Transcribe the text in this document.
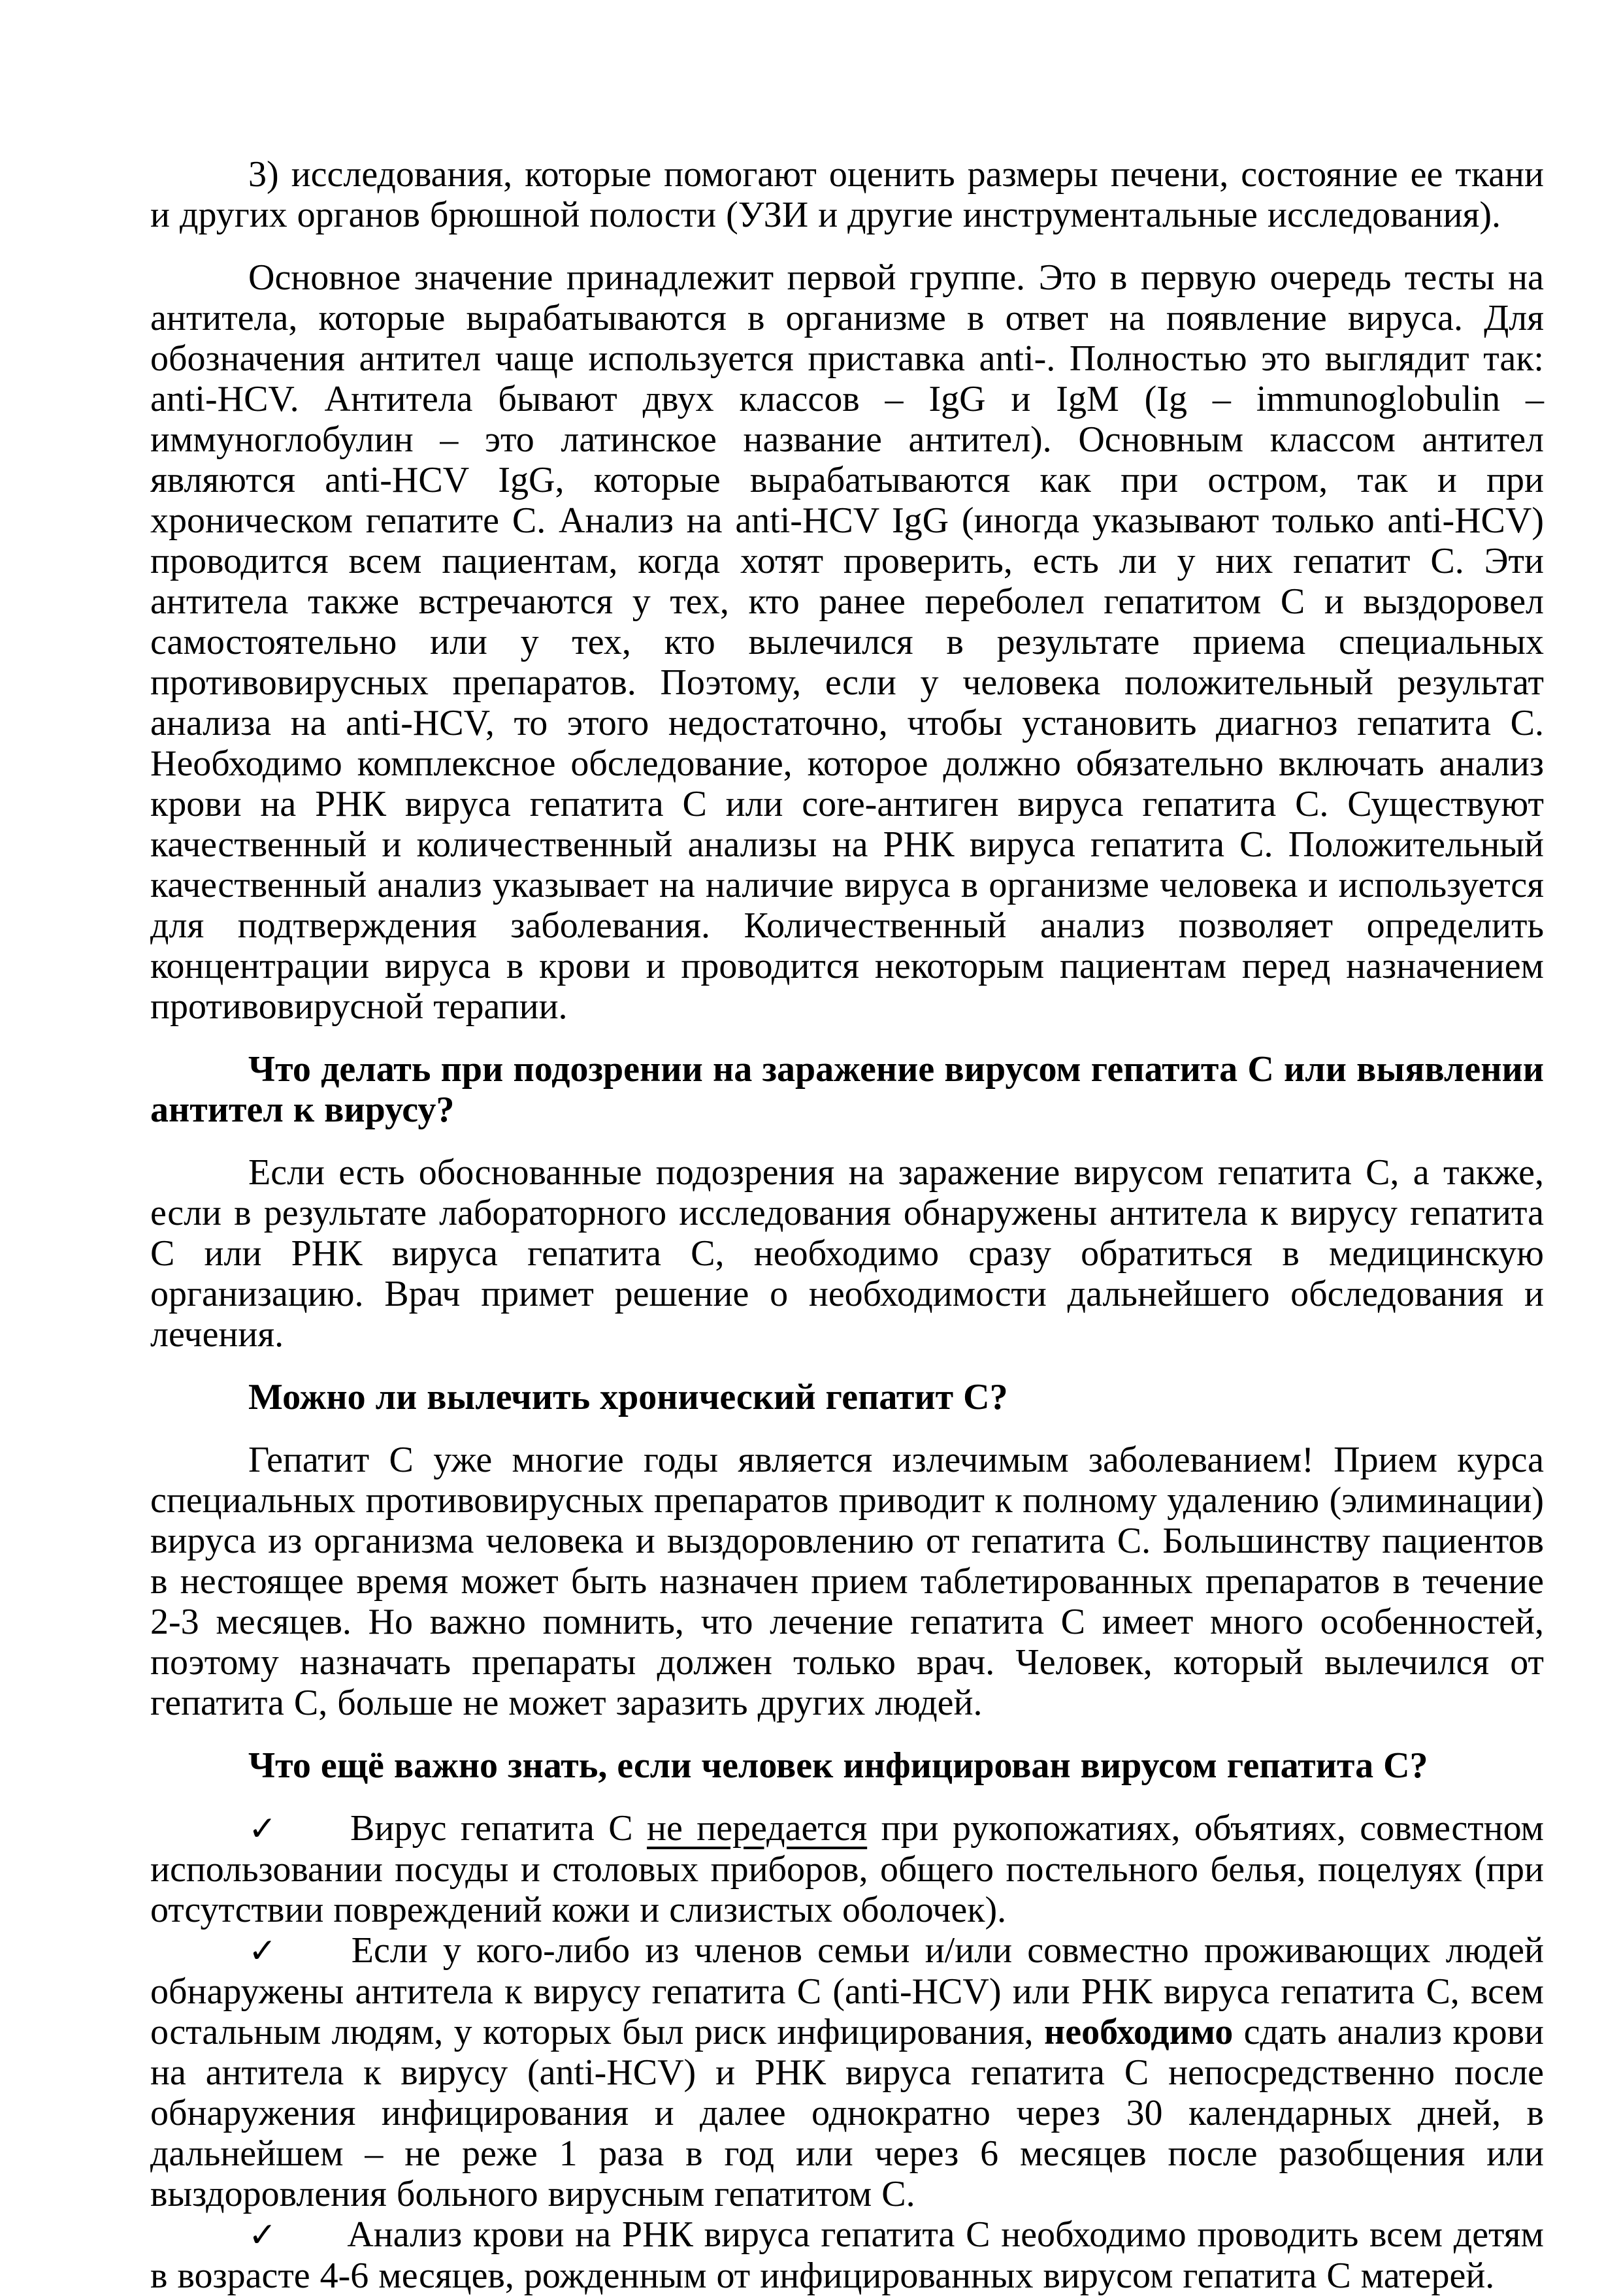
3) исследования, которые помогают оценить размеры печени, состояние ее ткани и других органов брюшной полости (УЗИ и другие инструментальные исследования).

Основное значение принадлежит первой группе. Это в первую очередь тесты на антитела, которые вырабатываются в организме в ответ на появление вируса. Для обозначения антител чаще используется приставка anti-. Полностью это выглядит так: anti-HCV. Антитела бывают двух классов – IgG и IgM (Ig – immunoglobulin – иммуноглобулин – это латинское название антител). Основным классом антител являются anti-HCV IgG, которые вырабатываются как при остром, так и при хроническом гепатите С. Анализ на anti-HCV IgG (иногда указывают только anti-HCV) проводится всем пациентам, когда хотят проверить, есть ли у них гепатит С. Эти антитела также встречаются у тех, кто ранее переболел гепатитом С и выздоровел самостоятельно или у тех, кто вылечился в результате приема специальных противовирусных препаратов. Поэтому, если у человека положительный результат анализа на anti-HCV, то этого недостаточно, чтобы установить диагноз гепатита С. Необходимо комплексное обследование, которое должно обязательно включать анализ крови на РНК вируса гепатита С или core-антиген вируса гепатита С. Существуют качественный и количественный анализы на РНК вируса гепатита С. Положительный качественный анализ указывает на наличие вируса в организме человека и используется для подтверждения заболевания. Количественный анализ позволяет определить концентрации вируса в крови и проводится некоторым пациентам перед назначением противовирусной терапии.

Что делать при подозрении на заражение вирусом гепатита С или выявлении антител к вирусу?

Если есть обоснованные подозрения на заражение вирусом гепатита С, а также, если в результате лабораторного исследования обнаружены антитела к вирусу гепатита С или РНК вируса гепатита С, необходимо сразу обратиться в медицинскую организацию. Врач примет решение о необходимости дальнейшего обследования и лечения.

Можно ли вылечить хронический гепатит С?

Гепатит С уже многие годы является излечимым заболеванием! Прием курса специальных противовирусных препаратов приводит к полному удалению (элиминации) вируса из организма человека и выздоровлению от гепатита С. Большинству пациентов в нестоящее время может быть назначен прием таблетированных препаратов в течение 2-3 месяцев. Но важно помнить, что лечение гепатита С имеет много особенностей, поэтому назначать препараты должен только врач. Человек, который вылечился от гепатита С, больше не может заразить других людей.

Что ещё важно знать, если человек инфицирован вирусом гепатита С?

✓ Вирус гепатита С не передается при рукопожатиях, объятиях, совместном использовании посуды и столовых приборов, общего постельного белья, поцелуях (при отсутствии повреждений кожи и слизистых оболочек).

✓ Если у кого-либо из членов семьи и/или совместно проживающих людей обнаружены антитела к вирусу гепатита С (anti-HCV) или РНК вируса гепатита С, всем остальным людям, у которых был риск инфицирования, необходимо сдать анализ крови на антитела к вирусу (anti-HCV) и РНК вируса гепатита С непосредственно после обнаружения инфицирования и далее однократно через 30 календарных дней, в дальнейшем – не реже 1 раза в год или через 6 месяцев после разобщения или выздоровления больного вирусным гепатитом С.

✓ Анализ крови на РНК вируса гепатита С необходимо проводить всем детям в возрасте 4-6 месяцев, рожденным от инфицированных вирусом гепатита С матерей.
